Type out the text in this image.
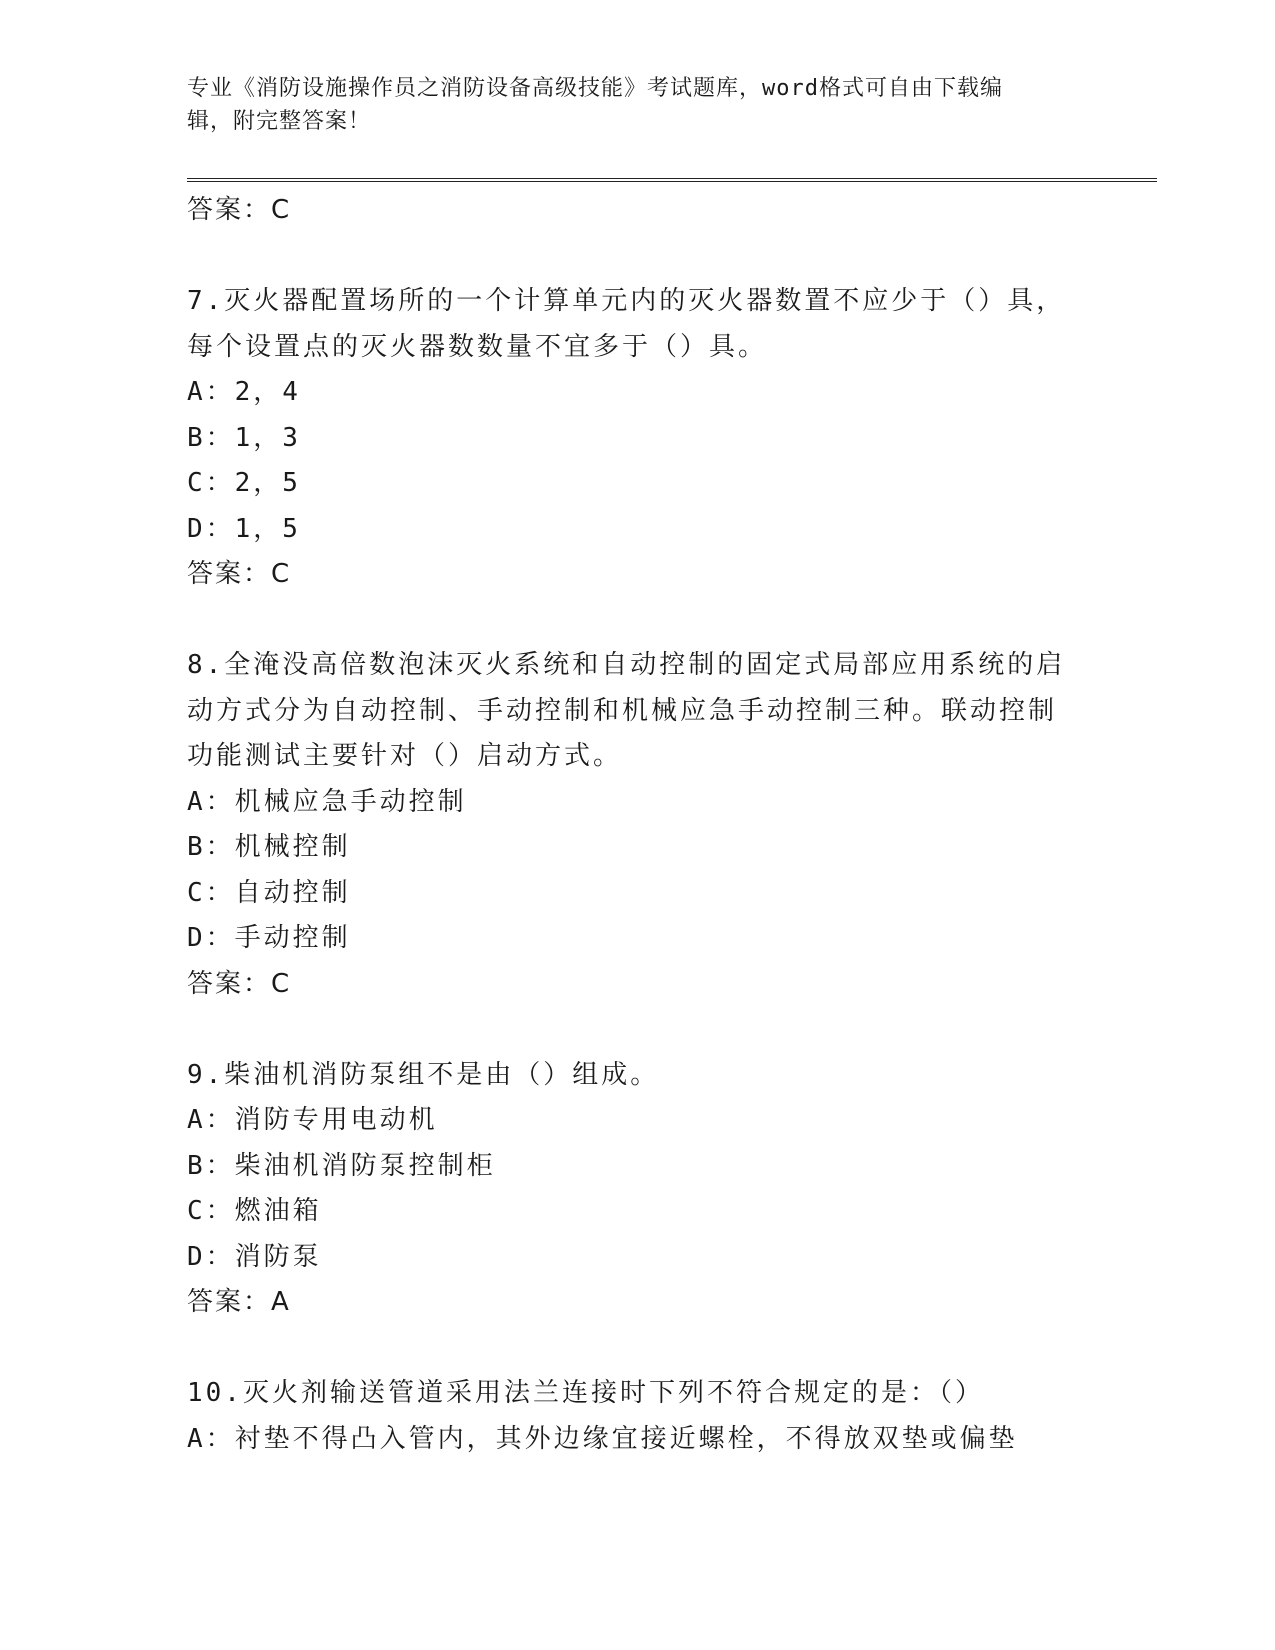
专业《消防设施操作员之消防设备高级技能》考试题库，word格式可自由下载编
辑，附完整答案！
答案：C
7.灭火器配置场所的一个计算单元内的灭火器数置不应少于（）具，
每个设置点的灭火器数数量不宜多于（）具。
A：2，4
B：1，3
C：2，5
D：1，5
答案：C
8.全淹没高倍数泡沫灭火系统和自动控制的固定式局部应用系统的启
动方式分为自动控制、手动控制和机械应急手动控制三种。联动控制
功能测试主要针对（）启动方式。
A：机械应急手动控制
B：机械控制
C：自动控制
D：手动控制
答案：C
9.柴油机消防泵组不是由（）组成。
A：消防专用电动机
B：柴油机消防泵控制柜
C：燃油箱
D：消防泵
答案：A
10.灭火剂输送管道采用法兰连接时下列不符合规定的是：（）
A：衬垫不得凸入管内，其外边缘宜接近螺栓，不得放双垫或偏垫
